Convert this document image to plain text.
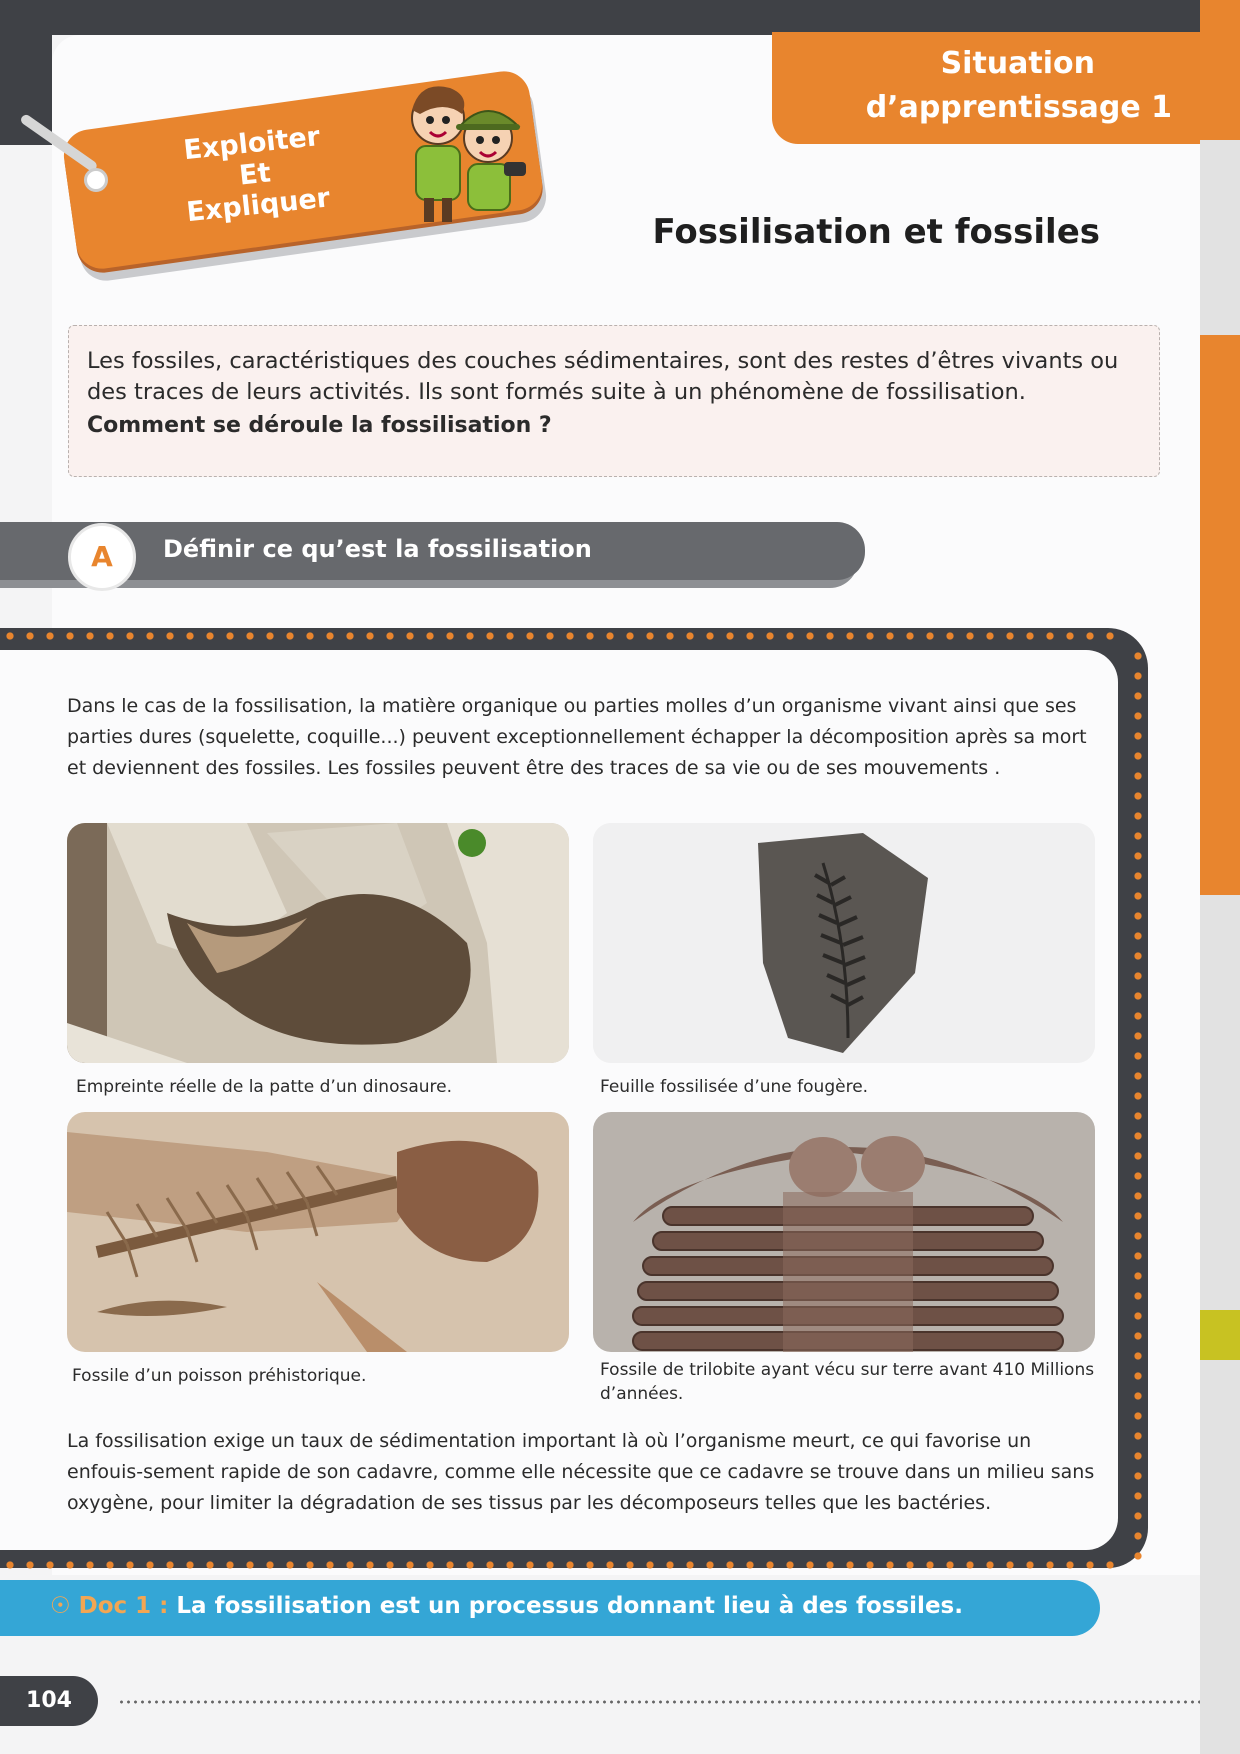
Situation
d’apprentissage 1
Exploiter
Et
Expliquer
Fossilisation et fossiles

Les fossiles, caractéristiques des couches sédimentaires, sont des restes d’êtres vivants ou des traces de leurs activités. Ils sont formés suite à un phénomène de fossilisation.

Comment se déroule la fossilisation ?

A	Définir ce qu’est la fossilisation

Dans le cas de la fossilisation, la matière organique ou parties molles d’un organisme vivant ainsi que ses parties dures (squelette, coquille...) peuvent exceptionnellement échapper la décomposition après sa mort et deviennent des fossiles. Les fossiles peuvent être des traces de sa vie ou de ses mouvements .

Empreinte réelle de la patte d’un dinosaure.	Feuille fossilisée d’une fougère.
Fossile d’un poisson préhistorique.	Fossile de trilobite ayant vécu sur terre avant 410 Millions d’années.

La fossilisation exige un taux de sédimentation important là où l’organisme meurt, ce qui favorise un enfouis-sement rapide de son cadavre, comme elle nécessite que ce cadavre se trouve dans un milieu sans oxygène, pour limiter la dégradation de ses tissus par les décomposeurs telles que les bactéries.

☉ Doc 1 : La fossilisation est un processus donnant lieu à des fossiles.
104
